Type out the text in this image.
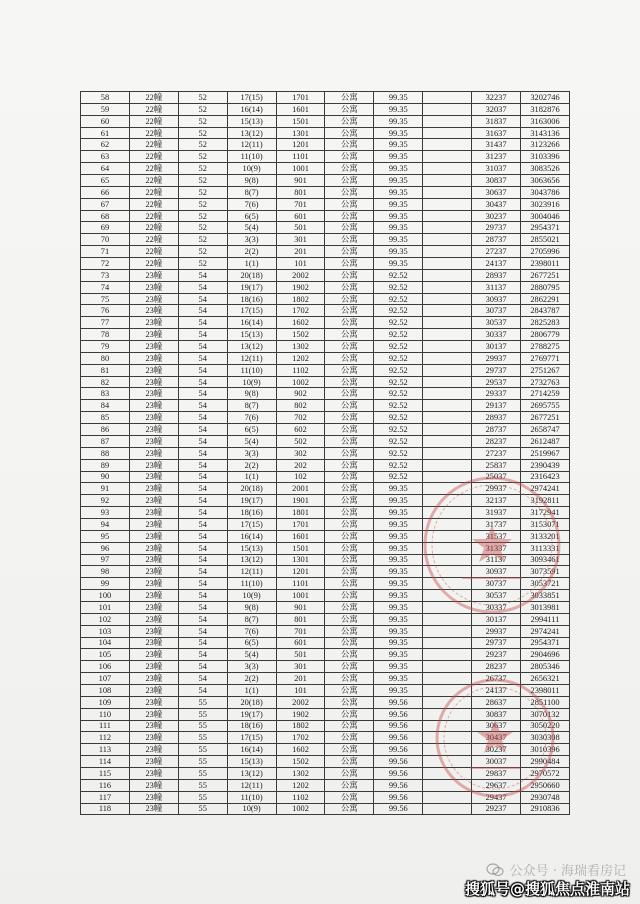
58	22幢	52	17(15)	1701	公寓	99.35		32237	3202746
59	22幢	52	16(14)	1601	公寓	99.35		32037	3182876
60	22幢	52	15(13)	1501	公寓	99.35		31837	3163006
61	22幢	52	13(12)	1301	公寓	99.35		31637	3143136
62	22幢	52	12(11)	1201	公寓	99.35		31437	3123266
63	22幢	52	11(10)	1101	公寓	99.35		31237	3103396
64	22幢	52	10(9)	1001	公寓	99.35		31037	3083526
65	22幢	52	9(8)	901	公寓	99.35		30837	3063656
66	22幢	52	8(7)	801	公寓	99.35		30637	3043786
67	22幢	52	7(6)	701	公寓	99.35		30437	3023916
68	22幢	52	6(5)	601	公寓	99.35		30237	3004046
69	22幢	52	5(4)	501	公寓	99.35		29737	2954371
70	22幢	52	3(3)	301	公寓	99.35		28737	2855021
71	22幢	52	2(2)	201	公寓	99.35		27237	2705996
72	22幢	52	1(1)	101	公寓	99.35		24137	2398011
73	23幢	54	20(18)	2002	公寓	92.52		28937	2677251
74	23幢	54	19(17)	1902	公寓	92.52		31137	2880795
75	23幢	54	18(16)	1802	公寓	92.52		30937	2862291
76	23幢	54	17(15)	1702	公寓	92.52		30737	2843787
77	23幢	54	16(14)	1602	公寓	92.52		30537	2825283
78	23幢	54	15(13)	1502	公寓	92.52		30337	2806779
79	23幢	54	13(12)	1302	公寓	92.52		30137	2788275
80	23幢	54	12(11)	1202	公寓	92.52		29937	2769771
81	23幢	54	11(10)	1102	公寓	92.52		29737	2751267
82	23幢	54	10(9)	1002	公寓	92.52		29537	2732763
83	23幢	54	9(8)	902	公寓	92.52		29337	2714259
84	23幢	54	8(7)	802	公寓	92.52		29137	2695755
85	23幢	54	7(6)	702	公寓	92.52		28937	2677251
86	23幢	54	6(5)	602	公寓	92.52		28737	2658747
87	23幢	54	5(4)	502	公寓	92.52		28237	2612487
88	23幢	54	3(3)	302	公寓	92.52		27237	2519967
89	23幢	54	2(2)	202	公寓	92.52		25837	2390439
90	23幢	54	1(1)	102	公寓	92.52		25037	2316423
91	23幢	54	20(18)	2001	公寓	99.35		29937	2974241
92	23幢	54	19(17)	1901	公寓	99.35		32137	3192811
93	23幢	54	18(16)	1801	公寓	99.35		31937	3172941
94	23幢	54	17(15)	1701	公寓	99.35		31737	3153071
95	23幢	54	16(14)	1601	公寓	99.35		31537	3133201
96	23幢	54	15(13)	1501	公寓	99.35		31337	3113331
97	23幢	54	13(12)	1301	公寓	99.35		31137	3093461
98	23幢	54	12(11)	1201	公寓	99.35		30937	3073591
99	23幢	54	11(10)	1101	公寓	99.35		30737	3053721
100	23幢	54	10(9)	1001	公寓	99.35		30537	3033851
101	23幢	54	9(8)	901	公寓	99.35		30337	3013981
102	23幢	54	8(7)	801	公寓	99.35		30137	2994111
103	23幢	54	7(6)	701	公寓	99.35		29937	2974241
104	23幢	54	6(5)	601	公寓	99.35		29737	2954371
105	23幢	54	5(4)	501	公寓	99.35		29237	2904696
106	23幢	54	3(3)	301	公寓	99.35		28237	2805346
107	23幢	54	2(2)	201	公寓	99.35		26737	2656321
108	23幢	54	1(1)	101	公寓	99.35		24137	2398011
109	23幢	55	20(18)	2002	公寓	99.56		28637	2851100
110	23幢	55	19(17)	1902	公寓	99.56		30837	3070132
111	23幢	55	18(16)	1802	公寓	99.56		30637	3050220
112	23幢	55	17(15)	1702	公寓	99.56		30437	3030308
113	23幢	55	16(14)	1602	公寓	99.56		30237	3010396
114	23幢	55	15(13)	1502	公寓	99.56		30037	2990484
115	23幢	55	13(12)	1302	公寓	99.56		29837	2970572
116	23幢	55	12(11)	1202	公寓	99.56		29637	2950660
117	23幢	55	11(10)	1102	公寓	99.56		29437	2930748
118	23幢	55	10(9)	1002	公寓	99.56		29237	2910836
公众号 · 海瑞看房记
搜狐号@搜狐焦点淮南站
